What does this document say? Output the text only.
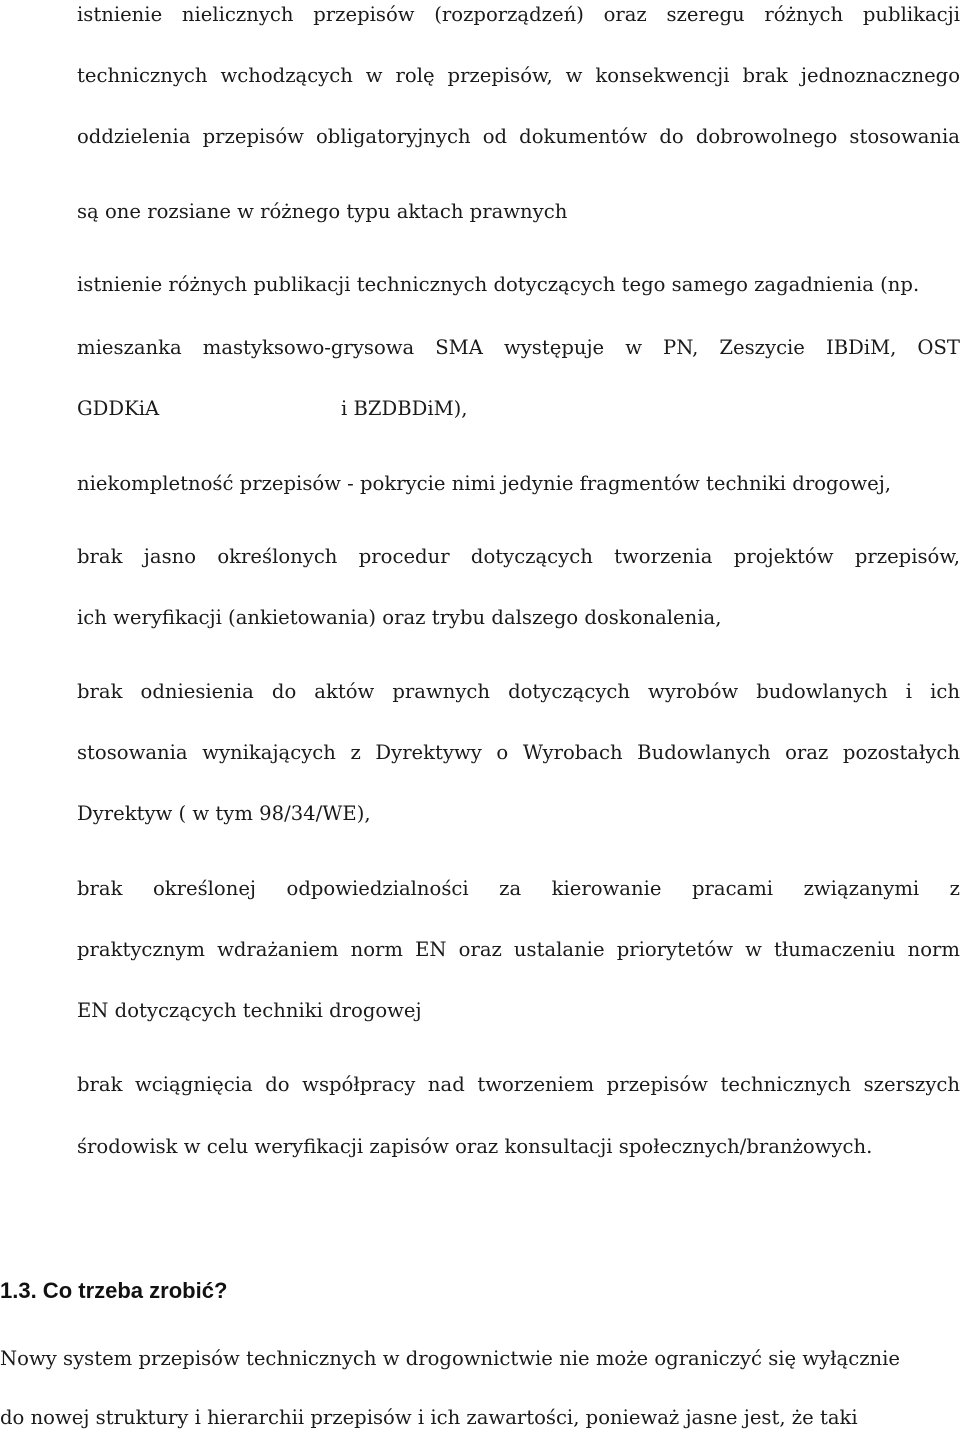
istnienie nielicznych przepisów (rozporządzeń) oraz szeregu różnych publikacji
technicznych wchodzących w rolę przepisów, w konsekwencji brak jednoznacznego
oddzielenia przepisów obligatoryjnych od dokumentów do dobrowolnego stosowania
są one rozsiane w różnego typu aktach prawnych
istnienie różnych publikacji technicznych dotyczących tego samego zagadnienia (np.
mieszanka mastyksowo-grysowa SMA występuje w PN, Zeszycie IBDiM, OST
GDDKiA	i BZDBDiM),
niekompletność przepisów - pokrycie nimi jedynie fragmentów techniki drogowej,
brak jasno określonych procedur dotyczących tworzenia projektów przepisów,
ich weryfikacji (ankietowania) oraz trybu dalszego doskonalenia,
brak odniesienia do aktów prawnych dotyczących wyrobów budowlanych i ich
stosowania wynikających z Dyrektywy o Wyrobach Budowlanych oraz pozostałych
Dyrektyw ( w tym 98/34/WE),
brak określonej odpowiedzialności za kierowanie pracami związanymi z
praktycznym wdrażaniem norm EN oraz ustalanie priorytetów w tłumaczeniu norm
EN dotyczących techniki drogowej
brak wciągnięcia do współpracy nad tworzeniem przepisów technicznych szerszych
środowisk w celu weryfikacji zapisów oraz konsultacji społecznych/branżowych.
1.3. Co trzeba zrobić?
Nowy system przepisów technicznych w drogownictwie nie może ograniczyć się wyłącznie
do nowej struktury i hierarchii przepisów i ich zawartości, ponieważ jasne jest, że taki
